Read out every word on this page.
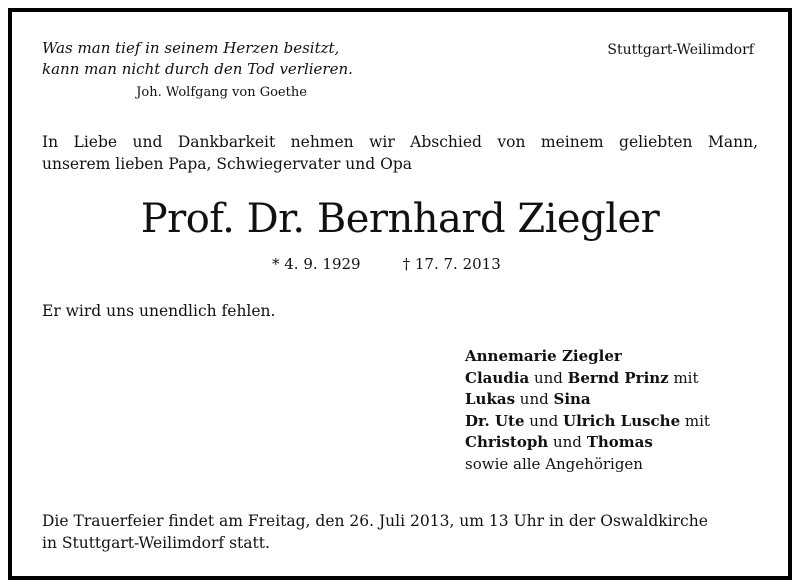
Was man tief in seinem Herzen besitzt,
kann man nicht durch den Tod verlieren.
Joh. Wolfgang von Goethe
Stuttgart-Weilimdorf
In Liebe und Dankbarkeit nehmen wir Abschied von meinem geliebten Mann,
unserem lieben Papa, Schwiegervater und Opa
Prof. Dr. Bernhard Ziegler
* 4. 9. 1929	† 17. 7. 2013
Er wird uns unendlich fehlen.
Annemarie Ziegler
Claudia und Bernd Prinz mit
Lukas und Sina
Dr. Ute und Ulrich Lusche mit
Christoph und Thomas
sowie alle Angehörigen
Die Trauerfeier findet am Freitag, den 26. Juli 2013, um 13 Uhr in der Oswaldkirche
in Stuttgart-Weilimdorf statt.
